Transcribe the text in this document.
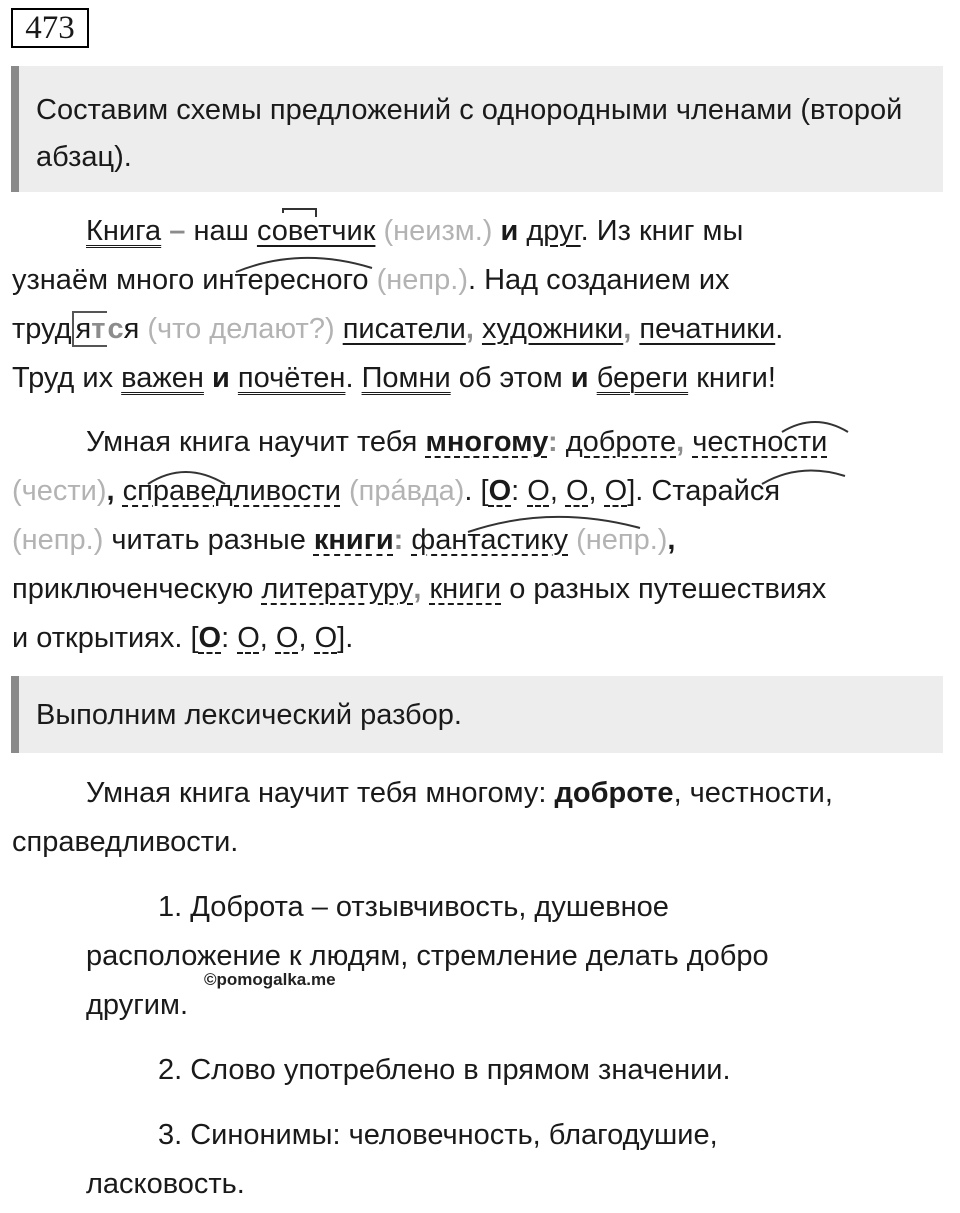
473
Составим схемы предложений с однородными членами (второй абзац).
Книга – наш советчик (неизм.) и друг. Из книг мы
узнаём много интересного (непр.). Над созданием их
труд ятся (что делают?) писатели, художники, печатники.
Труд их важен и почётен. Помни об этом и береги книги!
Умная книга научит тебя многому: доброте, честности
(чести), справедливости (прáвда). [О: О, О, О]. Старайся
(непр.) читать разные книги: фантастику (непр.),
приключенческую литературу, книги о разных путешествиях
и открытиях. [О: О, О, О].
Выполним лексический разбор.
Умная книга научит тебя многому: доброте, честности,
справедливости.
1. Доброта – отзывчивость, душевное
расположение к людям, стремление делать добро
другим.
©pomogalka.me
2. Слово употреблено в прямом значении.
3. Синонимы: человечность, благодушие,
ласковость.
